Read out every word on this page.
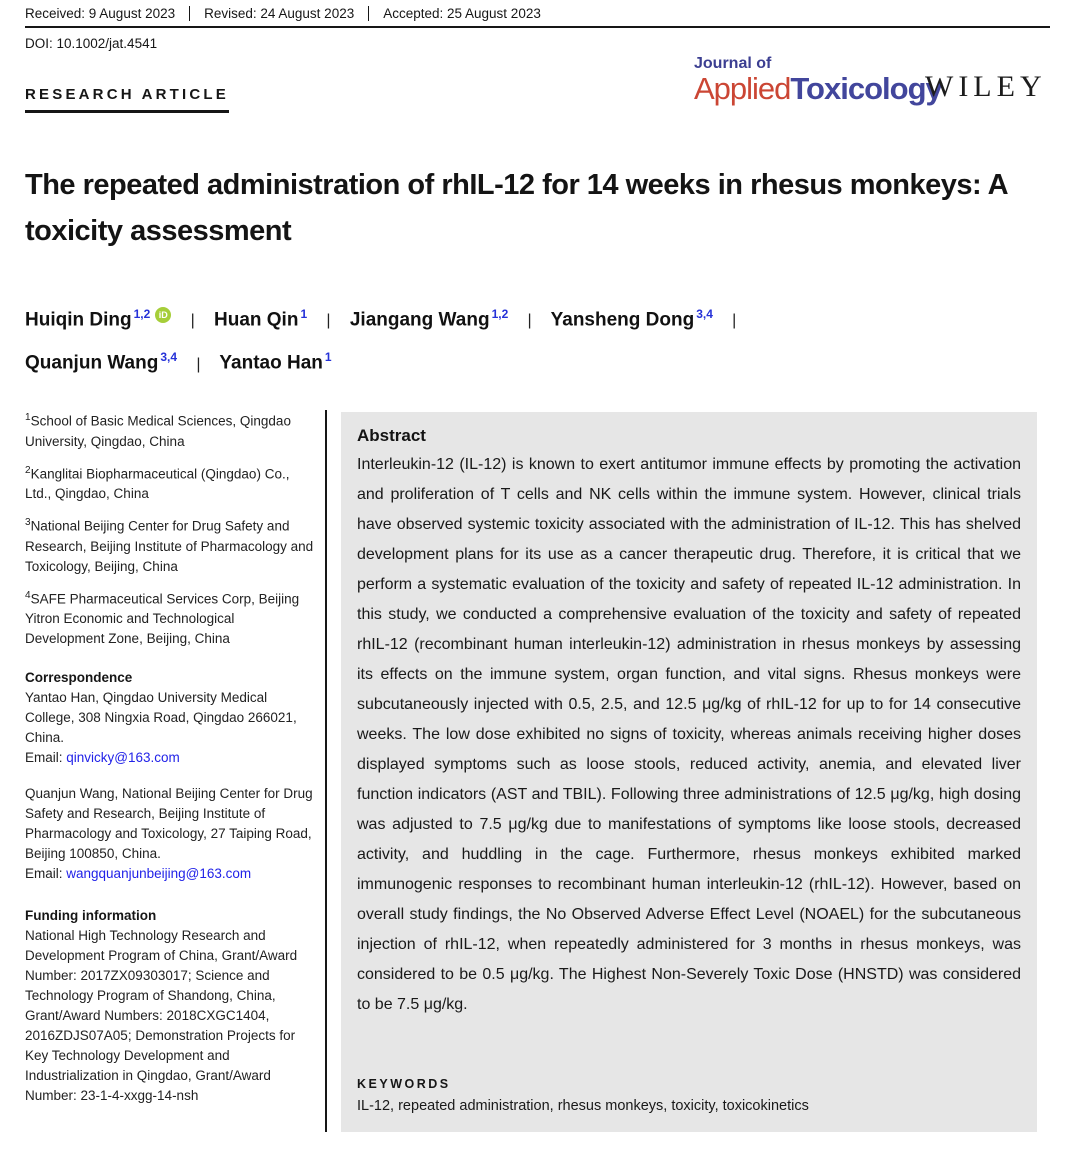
Received: 9 August 2023	Revised: 24 August 2023	Accepted: 25 August 2023
DOI: 10.1002/jat.4541
Journal of
AppliedToxicology
WILEY
RESEARCH ARTICLE
The repeated administration of rhIL-12 for 14 weeks in rhesus monkeys: A toxicity assessment
Huiqin Ding $^{1,2}$ iD | Huan Qin $^1$ | Jiangang Wang $^{1,2}$ | Yansheng Dong $^{3,4}$ |
Quanjun Wang $^{3,4}$ | Yantao Han $^1$

$^1$School of Basic Medical Sciences, Qingdao University, Qingdao, China

$^2$Kanglitai Biopharmaceutical (Qingdao) Co., Ltd., Qingdao, China

$^3$National Beijing Center for Drug Safety and Research, Beijing Institute of Pharmacology and Toxicology, Beijing, China

$^4$SAFE Pharmaceutical Services Corp, Beijing Yitron Economic and Technological Development Zone, Beijing, China

Correspondence
Yantao Han, Qingdao University Medical College, 308 Ningxia Road, Qingdao 266021, China.
Email: qinvicky@163.com
Quanjun Wang, National Beijing Center for Drug Safety and Research, Beijing Institute of Pharmacology and Toxicology, 27 Taiping Road, Beijing 100850, China.
Email: wangquanjunbeijing@163.com
Funding information
National High Technology Research and Development Program of China, Grant/Award Number: 2017ZX09303017; Science and Technology Program of Shandong, China, Grant/Award Numbers: 2018CXGC1404, 2016ZDJS07A05; Demonstration Projects for Key Technology Development and Industrialization in Qingdao, Grant/Award Number: 23-1-4-xxgg-14-nsh
Abstract
Interleukin-12 (IL-12) is known to exert antitumor immune effects by promoting the activation and proliferation of T cells and NK cells within the immune system. However, clinical trials have observed systemic toxicity associated with the administration of IL-12. This has shelved development plans for its use as a cancer therapeutic drug. Therefore, it is critical that we perform a systematic evaluation of the toxicity and safety of repeated IL-12 administration. In this study, we conducted a comprehensive evaluation of the toxicity and safety of repeated rhIL-12 (recombinant human interleukin-12) administration in rhesus monkeys by assessing its effects on the immune system, organ function, and vital signs. Rhesus monkeys were subcutaneously injected with 0.5, 2.5, and 12.5 μg/kg of rhIL-12 for up to for 14 consecutive weeks. The low dose exhibited no signs of toxicity, whereas animals receiving higher doses displayed symptoms such as loose stools, reduced activity, anemia, and elevated liver function indicators (AST and TBIL). Following three administrations of 12.5 μg/kg, high dosing was adjusted to 7.5 μg/kg due to manifestations of symptoms like loose stools, decreased activity, and huddling in the cage. Furthermore, rhesus monkeys exhibited marked immunogenic responses to recombinant human interleukin-12 (rhIL-12). However, based on overall study findings, the No Observed Adverse Effect Level (NOAEL) for the subcutaneous injection of rhIL-12, when repeatedly administered for 3 months in rhesus monkeys, was considered to be 0.5 μg/kg. The Highest Non-Severely Toxic Dose (HNSTD) was considered to be 7.5 μg/kg.
KEYWORDS
IL-12, repeated administration, rhesus monkeys, toxicity, toxicokinetics
